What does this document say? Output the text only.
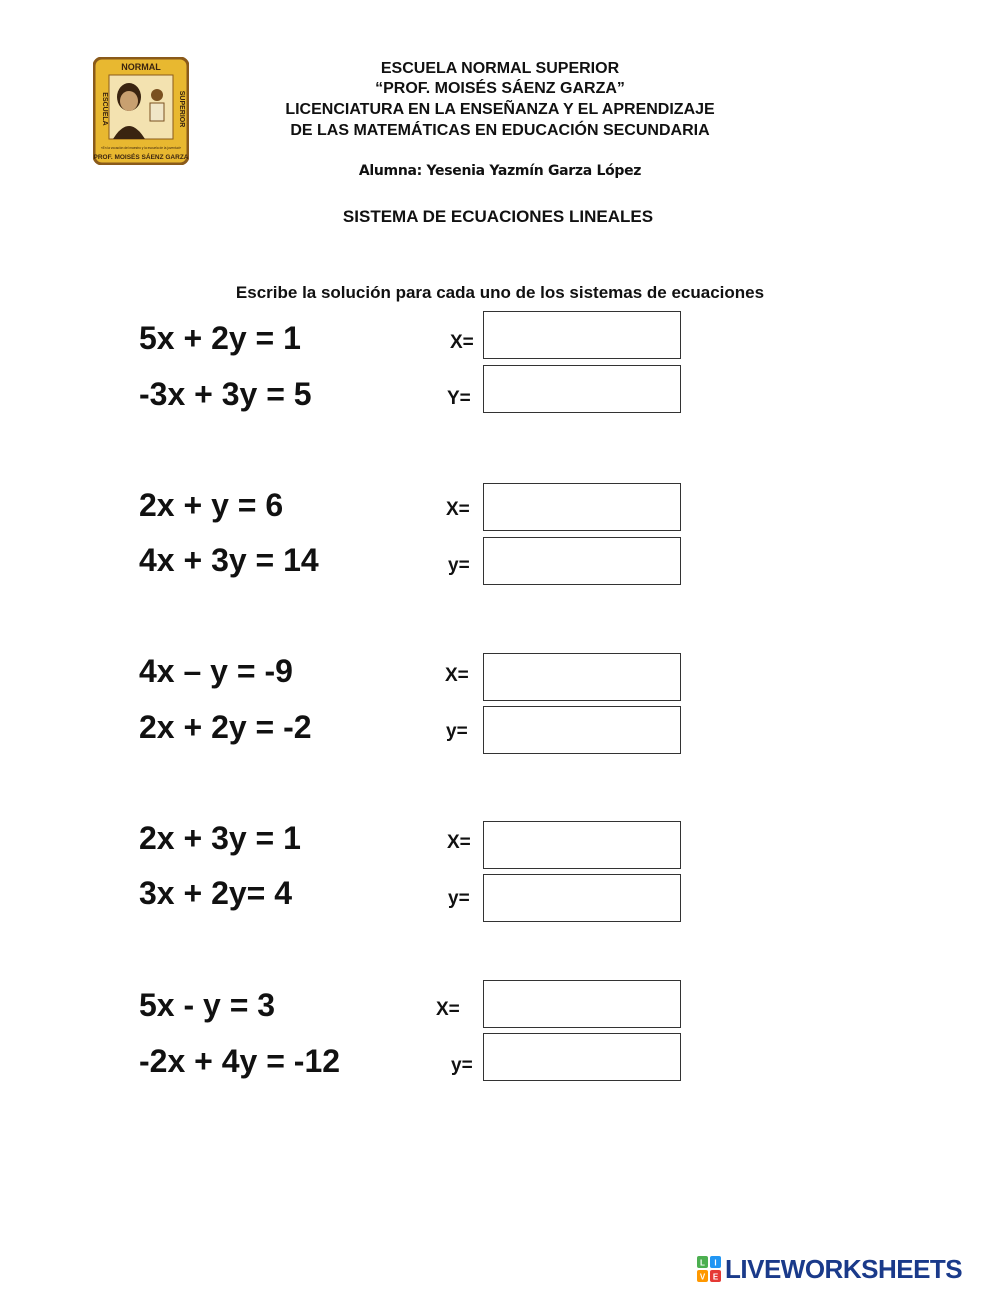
NORMAL
ESCUELA	SUPERIOR
«En la vocación del maestro y la escuela de la juventud»
PROF. MOISÉS SÁENZ GARZA
ESCUELA NORMAL SUPERIOR
“PROF. MOISÉS SÁENZ GARZA”
LICENCIATURA EN LA ENSEÑANZA Y EL APRENDIZAJE
DE LAS MATEMÁTICAS EN EDUCACIÓN SECUNDARIA
Alumna: Yesenia Yazmín Garza López
SISTEMA DE ECUACIONES LINEALES
Escribe la solución para cada uno de los sistemas de ecuaciones
5x + 2y = 1
-3x + 3y = 5
X=
Y=
2x + y = 6
4x + 3y = 14
X=
y=
4x – y = -9
2x + 2y = -2
X=
y=
2x + 3y = 1
3x + 2y= 4
X=
y=
5x - y = 3
-2x + 4y = -12
X=
y=
L I
V E LIVEWORKSHEETS
